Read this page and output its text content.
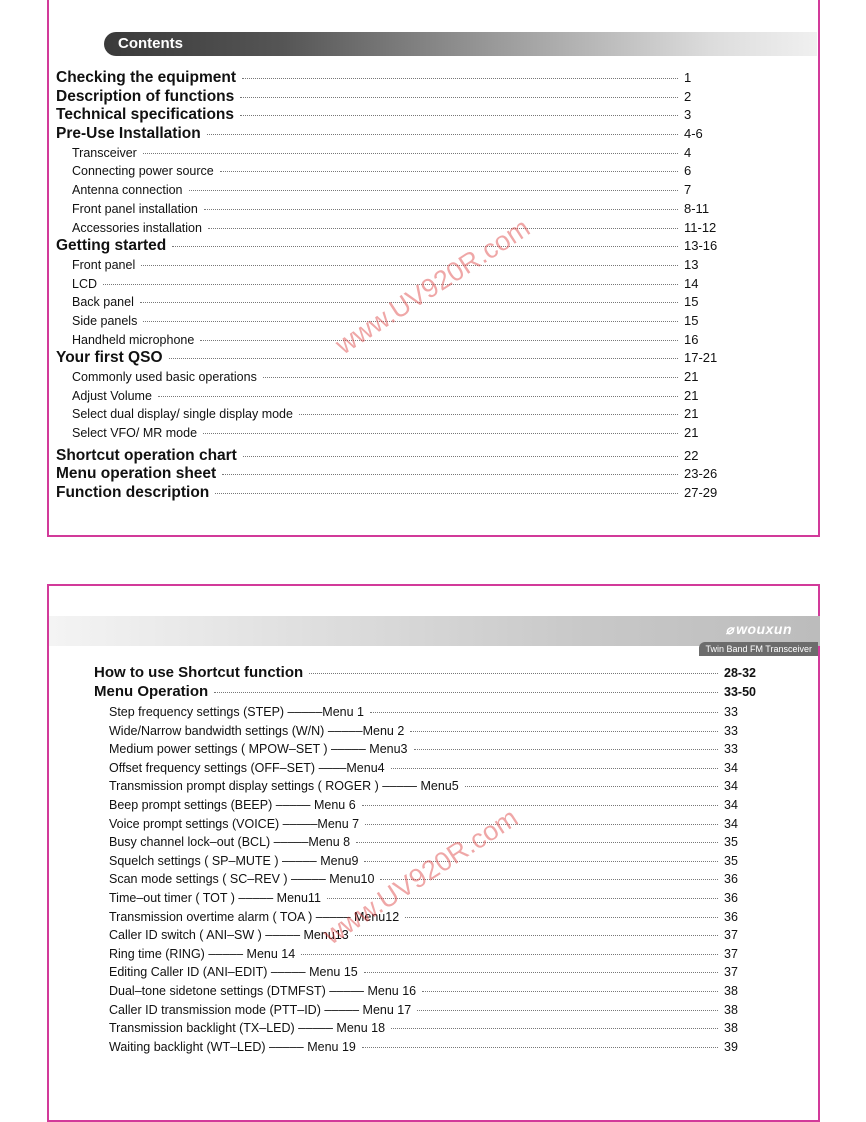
Contents
Checking the equipment	1
Description of functions	2
Technical specifications	3
Pre-Use Installation	4-6
Transceiver	4
Connecting power source	6
Antenna connection	7
Front panel installation	8-11
Accessories installation	11-12
Getting started	13-16
Front panel	13
LCD	14
Back panel	15
Side panels	15
Handheld microphone	16
Your first QSO	17-21
Commonly used basic operations	21
Adjust Volume	21
Select dual display/ single display mode	21
Select VFO/ MR mode	21
Shortcut operation chart	22
Menu operation sheet	23-26
Function description	27-29
www.UV920R.com
⌀ wouxun
Twin Band FM Transceiver
How to use Shortcut function	28-32
Menu Operation	33-50
Step frequency settings (STEP) –––––Menu 1	33
Wide/Narrow bandwidth settings (W/N) –––––Menu 2	33
Medium power settings ( MPOW–SET ) ––––– Menu3	33
Offset frequency settings (OFF–SET) ––––Menu4	34
Transmission prompt display settings ( ROGER ) ––––– Menu5	34
Beep prompt settings (BEEP) ––––– Menu 6	34
Voice prompt settings (VOICE) –––––Menu 7	34
Busy channel lock–out (BCL) –––––Menu 8	35
Squelch settings ( SP–MUTE ) ––––– Menu9	35
Scan mode settings ( SC–REV ) ––––– Menu10	36
Time–out timer ( TOT ) ––––– Menu11	36
Transmission overtime alarm ( TOA ) ––––– Menu12	36
Caller ID switch ( ANI–SW ) ––––– Menu13	37
Ring time (RING) ––––– Menu 14	37
Editing Caller ID (ANI–EDIT) ––––– Menu 15	37
Dual–tone sidetone settings (DTMFST) ––––– Menu 16	38
Caller ID transmission mode (PTT–ID) ––––– Menu 17	38
Transmission backlight (TX–LED) ––––– Menu 18	38
Waiting backlight (WT–LED) ––––– Menu 19	39
www.UV920R.com
